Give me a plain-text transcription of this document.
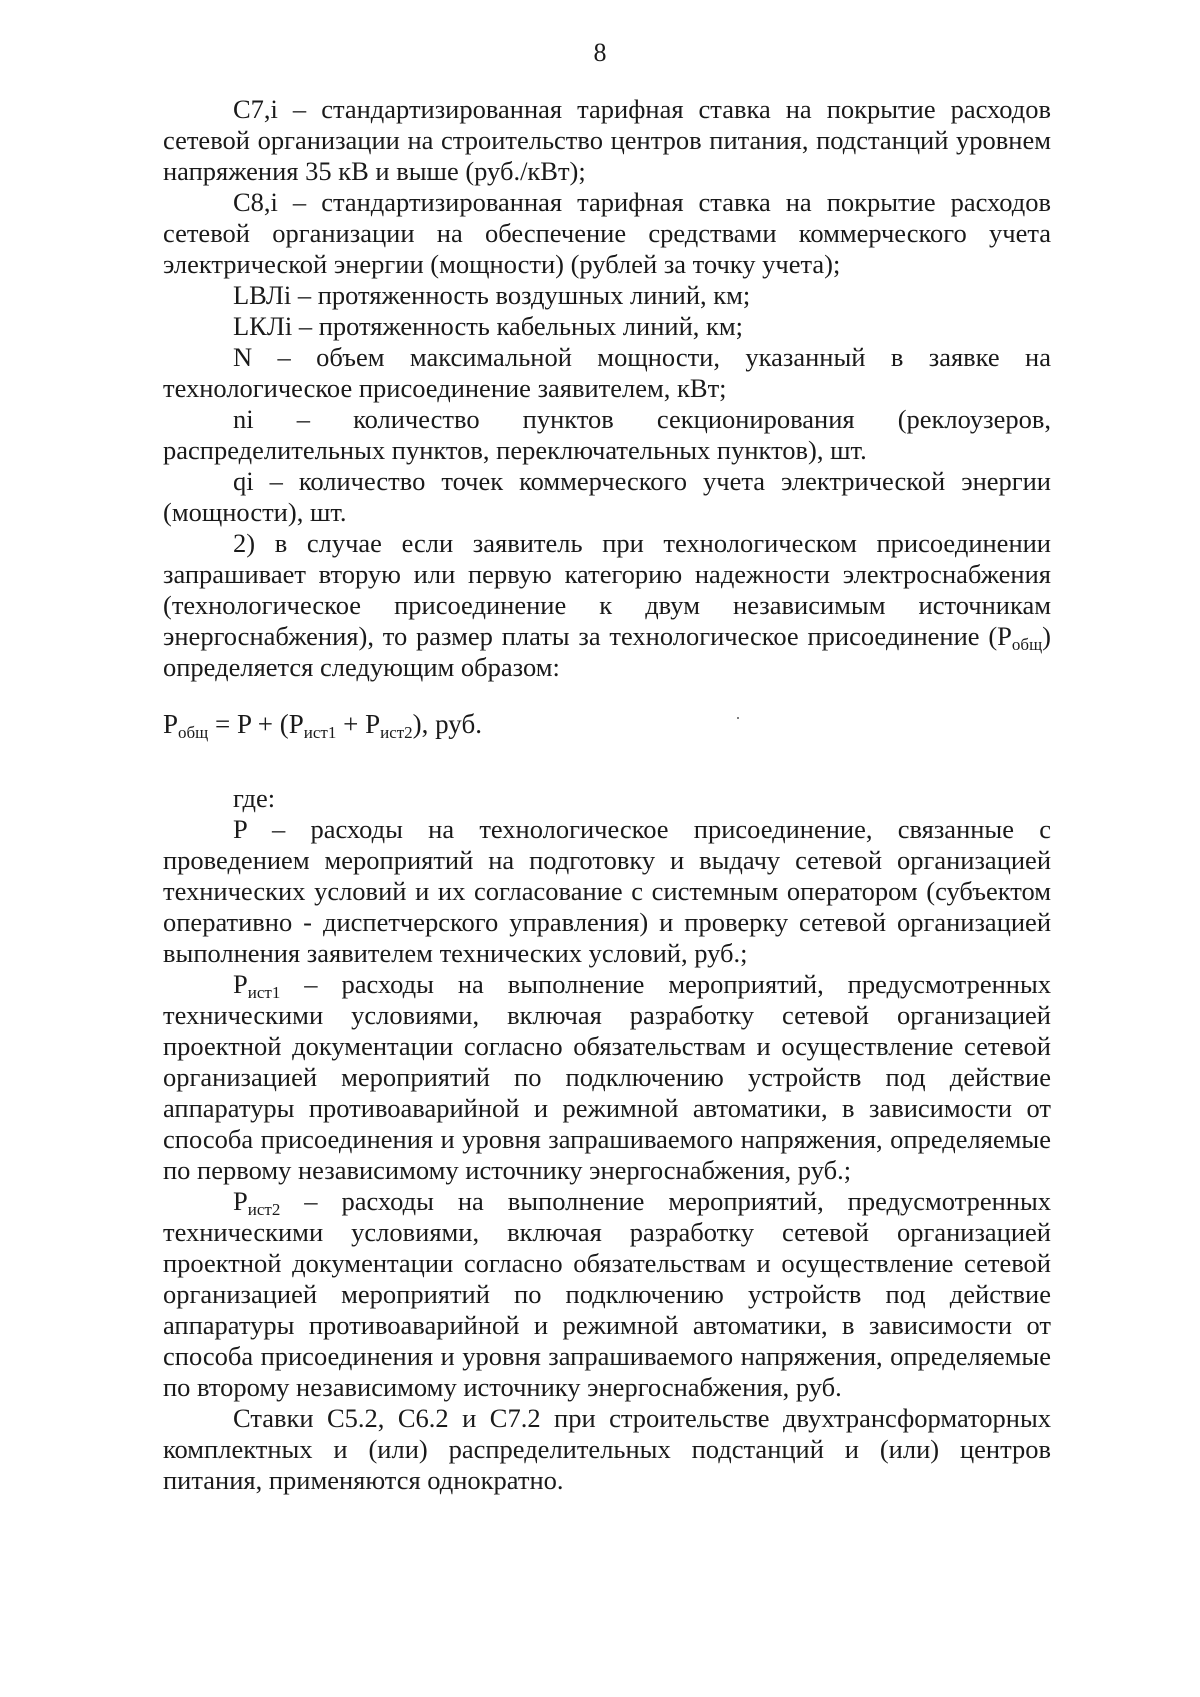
8

C7,i – стандартизированная тарифная ставка на покрытие расходов сетевой организации на строительство центров питания, подстанций уровнем напряжения 35 кВ и выше (руб./кВт);

C8,i – стандартизированная тарифная ставка на покрытие расходов сетевой организации на обеспечение средствами коммерческого учета электрической энергии (мощности) (рублей за точку учета);

LВЛi – протяженность воздушных линий, км;

LКЛi – протяженность кабельных линий, км;

N – объем максимальной мощности, указанный в заявке на технологическое присоединение заявителем, кВт;

ni – количество пунктов секционирования (реклоузеров, распределительных пунктов, переключательных пунктов), шт.

qi – количество точек коммерческого учета электрической энергии (мощности), шт.

2) в случае если заявитель при технологическом присоединении запрашивает вторую или первую категорию надежности электроснабжения (технологическое присоединение к двум независимым источникам энергоснабжения), то размер платы за технологическое присоединение $(P_{общ})$ определяется следующим образом:

$P_{общ} = P + (P_{ист1} + P_{ист2})$, руб.

где:

P – расходы на технологическое присоединение, связанные с проведением мероприятий на подготовку и выдачу сетевой организацией технических условий и их согласование с системным оператором (субъектом оперативно - диспетчерского управления) и проверку сетевой организацией выполнения заявителем технических условий, руб.;

$P_{ист1}$ – расходы на выполнение мероприятий, предусмотренных техническими условиями, включая разработку сетевой организацией проектной документации согласно обязательствам и осуществление сетевой организацией мероприятий по подключению устройств под действие аппаратуры противоаварийной и режимной автоматики, в зависимости от способа присоединения и уровня запрашиваемого напряжения, определяемые по первому независимому источнику энергоснабжения, руб.;

$P_{ист2}$ – расходы на выполнение мероприятий, предусмотренных техническими условиями, включая разработку сетевой организацией проектной документации согласно обязательствам и осуществление сетевой организацией мероприятий по подключению устройств под действие аппаратуры противоаварийной и режимной автоматики, в зависимости от способа присоединения и уровня запрашиваемого напряжения, определяемые по второму независимому источнику энергоснабжения, руб.

Ставки C5.2, C6.2 и C7.2 при строительстве двухтрансформаторных комплектных и (или) распределительных подстанций и (или) центров питания, применяются однократно.
